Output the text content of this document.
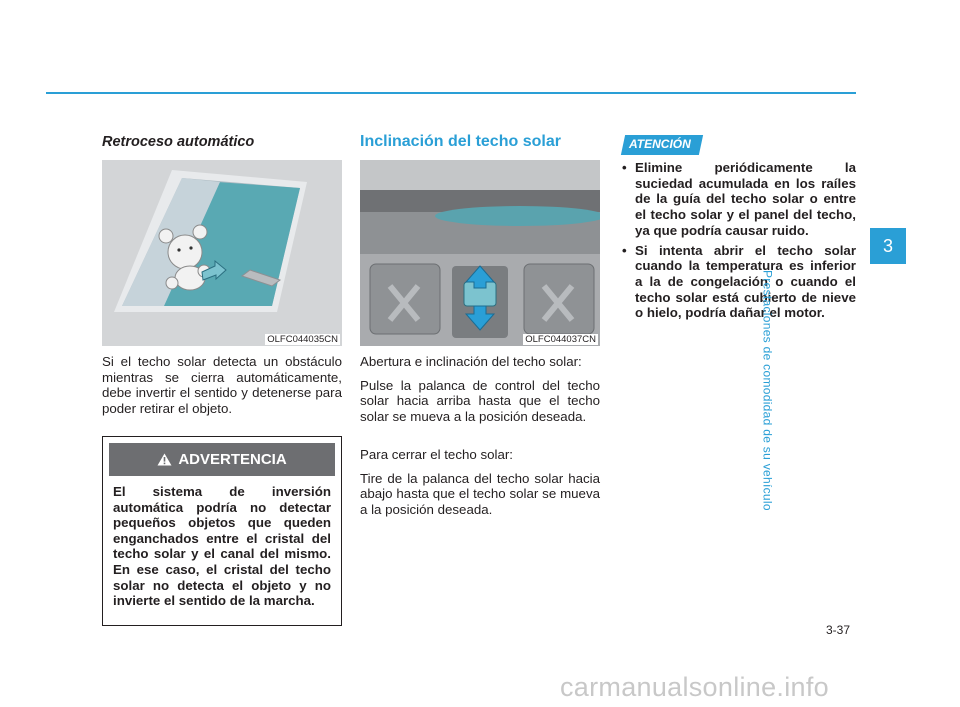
Retroceso automático
OLFC044035CN

Si el techo solar detecta un obstáculo mientras se cierra automáticamente, debe invertir el sentido y detenerse para poder retirar el objeto.

ADVERTENCIA
El sistema de inversión automática podría no detectar pequeños objetos que queden enganchados entre el cristal del techo solar y el canal del mismo. En ese caso, el cristal del techo solar no detecta el objeto y no invierte el sentido de la marcha.
Inclinación del techo solar
OLFC044037CN

Abertura e inclinación del techo solar:

Pulse la palanca de control del techo solar hacia arriba hasta que el techo solar se mueva a la posición deseada.

Para cerrar el techo solar:

Tire de la palanca del techo solar hacia abajo hasta que el techo solar se mueva a la posición deseada.

ATENCIÓN
• Elimine periódicamente la suciedad acumulada en los raíles de la guía del techo solar o entre el techo solar y el panel del techo, ya que podría causar ruido.
• Si intenta abrir el techo solar cuando la temperatura es inferior a la de congelación o cuando el techo solar está cubierto de nieve o hielo, podría dañar el motor.
3
Prestaciones de comodidad de su vehículo
3-37
carmanualsonline.info
